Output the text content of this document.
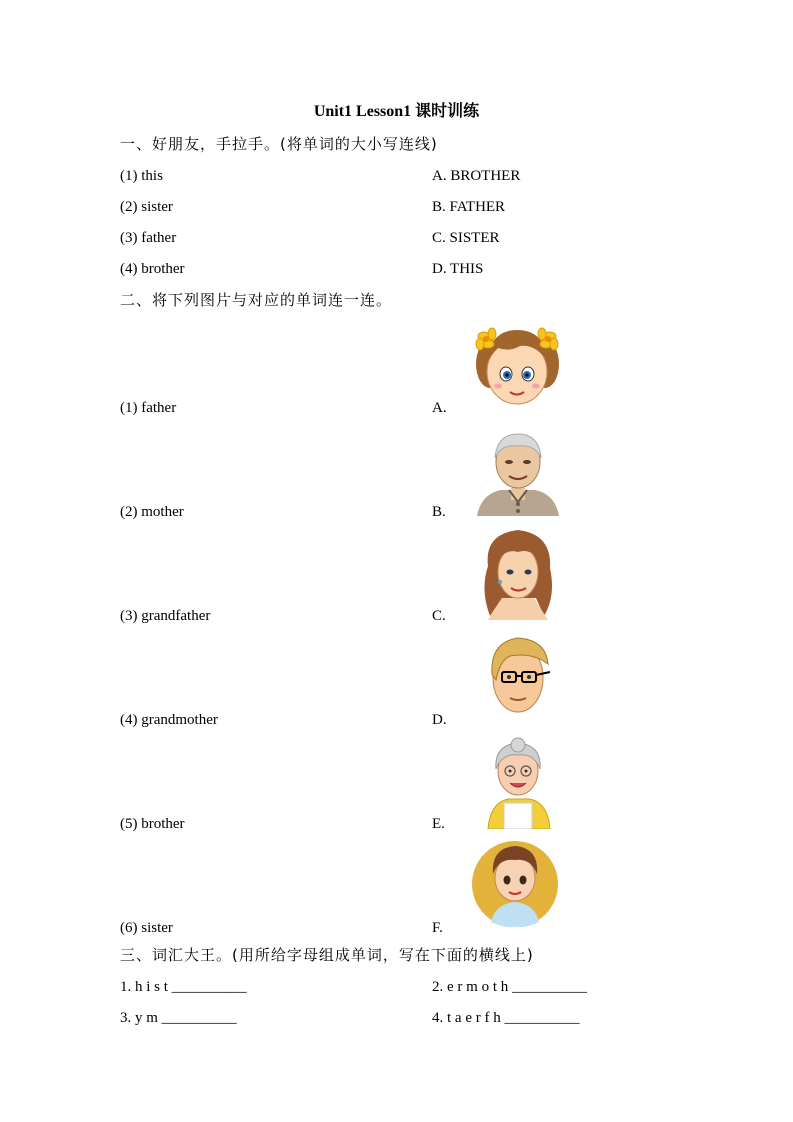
Unit1 Lesson1 课时训练
一、好朋友，手拉手。(将单词的大小写连线)
(1) this
(2) sister
(3) father
(4) brother
A. BROTHER
B. FATHER
C. SISTER
D. THIS
二、将下列图片与对应的单词连一连。
(1) father
(2) mother
(3) grandfather
(4) grandmother
(5) brother
(6) sister
A.
B.
C.
D.
E.
F.
三、词汇大王。(用所给字母组成单词，写在下面的横线上)
1. h i s t __________	2. e r m o t h __________
3. y m __________	4. t a e r f h __________
